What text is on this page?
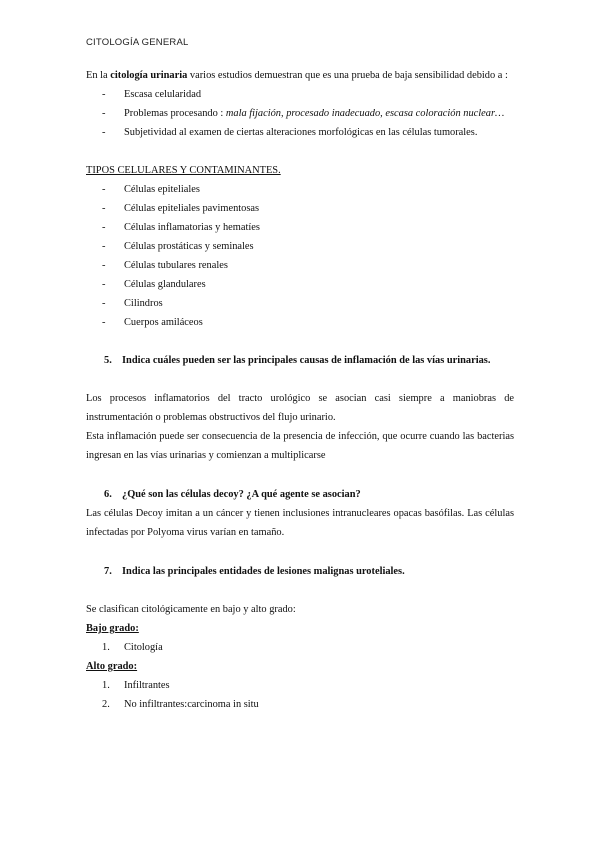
CITOLOGÍA GENERAL

En la citología urinaria varios estudios demuestran que es una prueba de baja sensibilidad debido a :

- Escasa celularidad
- Problemas procesando : mala fijación, procesado inadecuado, escasa coloración nuclear…
- Subjetividad al examen de ciertas alteraciones morfológicas en las células tumorales.

TIPOS CELULARES Y CONTAMINANTES.

- Células epiteliales
- Células epiteliales pavimentosas
- Células inflamatorias y hematíes
- Células prostáticas y seminales
- Células tubulares renales
- Células glandulares
- Cilindros
- Cuerpos amiláceos
5. Indica cuáles pueden ser las principales causas de inflamación de las vías urinarias.

Los procesos inflamatorios del tracto urológico se asocian casi siempre a maniobras de instrumentación o problemas obstructivos del flujo urinario.

Esta inflamación puede ser consecuencia de la presencia de infección, que ocurre cuando las bacterias ingresan en las vías urinarias y comienzan a multiplicarse

6. ¿Qué son las células decoy? ¿A qué agente se asocian?

Las células Decoy imitan a un cáncer y tienen inclusiones intranucleares opacas basófilas. Las células infectadas por Polyoma virus varían en tamaño.

7. Indica las principales entidades de lesiones malignas uroteliales.

Se clasifican citológicamente en bajo y alto grado:

Bajo grado:

1. Citología

Alto grado:

1. Infiltrantes
2. No infiltrantes:carcinoma in situ
